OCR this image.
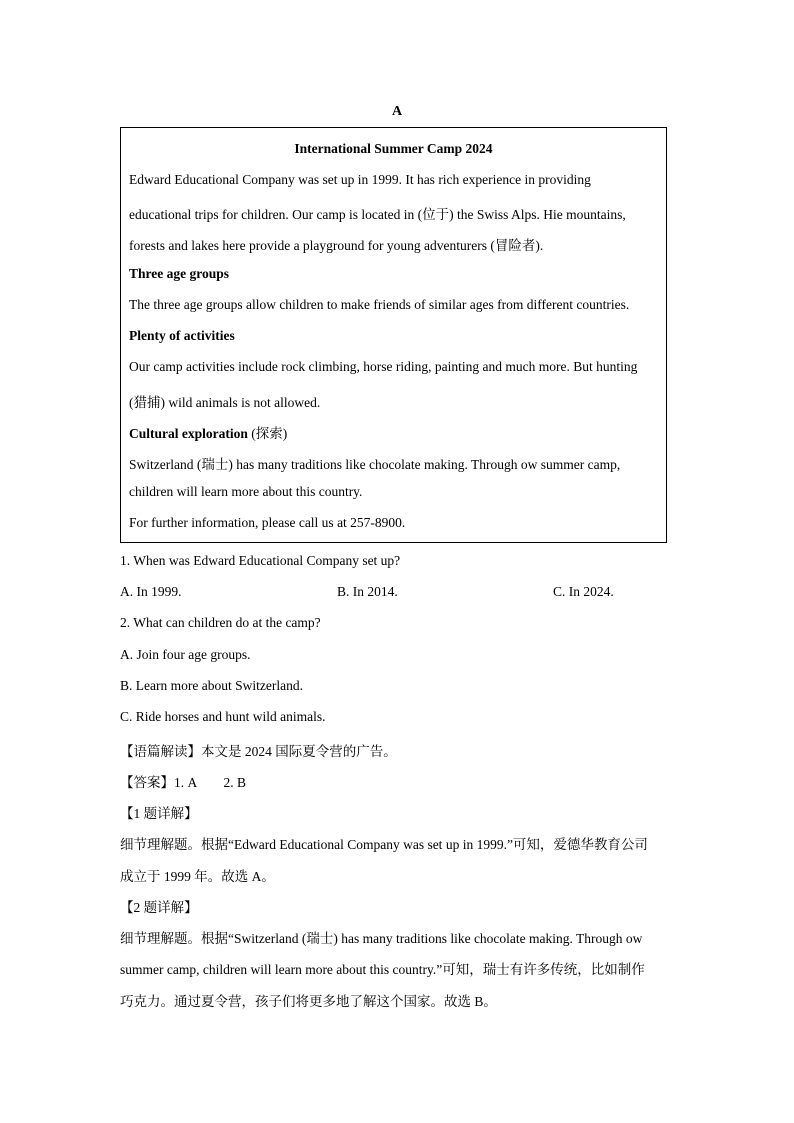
A
International Summer Camp 2024
Edward Educational Company was set up in 1999. It has rich experience in providing
educational trips for children. Our camp is located in (位于) the Swiss Alps. Hie mountains,
forests and lakes here provide a playground for young adventurers (冒险者).
Three age groups
The three age groups allow children to make friends of similar ages from different countries.
Plenty of activities
Our camp activities include rock climbing, horse riding, painting and much more. But hunting
(猎捕) wild animals is not allowed.
Cultural exploration (探索)
Switzerland (瑞士) has many traditions like chocolate making. Through ow summer camp,
children will learn more about this country.
For further information, please call us at 257-8900.
1. When was Edward Educational Company set up?
A. In 1999.	B. In 2014.	C. In 2024.
2. What can children do at the camp?
A. Join four age groups.
B. Learn more about Switzerland.
C. Ride horses and hunt wild animals.
【语篇解读】本文是 2024 国际夏令营的广告。
【答案】1. A        2. B
【1 题详解】
细节理解题。根据“Edward Educational Company was set up in 1999.”可知，爱德华教育公司
成立于 1999 年。故选 A。
【2 题详解】
细节理解题。根据“Switzerland (瑞士) has many traditions like chocolate making. Through ow
summer camp, children will learn more about this country.”可知，瑞士有许多传统，比如制作
巧克力。通过夏令营，孩子们将更多地了解这个国家。故选 B。
